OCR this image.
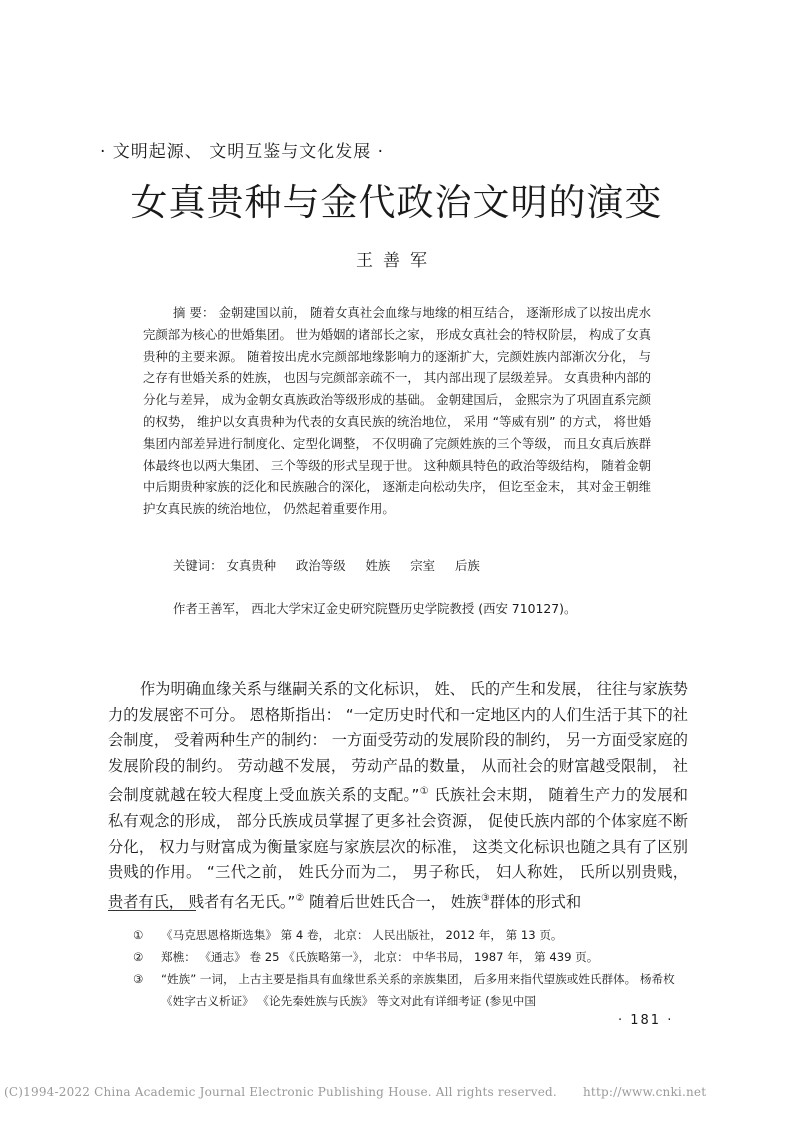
· 文明起源、 文明互鉴与文化发展 ·
女真贵种与金代政治文明的演变
王善军

摘 要： 金朝建国以前， 随着女真社会血缘与地缘的相互结合， 逐渐形成了以按出虎水完颜部为核心的世婚集团。 世为婚姻的诸部长之家， 形成女真社会的特权阶层， 构成了女真贵种的主要来源。 随着按出虎水完颜部地缘影响力的逐渐扩大，完颜姓族内部渐次分化， 与之存有世婚关系的姓族， 也因与完颜部亲疏不一， 其内部出现了层级差异。 女真贵种内部的分化与差异， 成为金朝女真族政治等级形成的基础。 金朝建国后， 金熙宗为了巩固直系完颜的权势， 维护以女真贵种为代表的女真民族的统治地位， 采用 “等威有别” 的方式， 将世婚集团内部差异进行制度化、定型化调整， 不仅明确了完颜姓族的三个等级， 而且女真后族群体最终也以两大集团、 三个等级的形式呈现于世。 这种颇具特色的政治等级结构， 随着金朝中后期贵种家族的泛化和民族融合的深化， 逐渐走向松动失序， 但讫至金末， 其对金王朝维护女真民族的统治地位， 仍然起着重要作用。

关键词： 女真贵种 政治等级 姓族 宗室 后族
作者王善军， 西北大学宋辽金史研究院暨历史学院教授 (西安 710127)。

作为明确血缘关系与继嗣关系的文化标识， 姓、 氏的产生和发展， 往往与家族势力的发展密不可分。 恩格斯指出： “一定历史时代和一定地区内的人们生活于其下的社会制度， 受着两种生产的制约： 一方面受劳动的发展阶段的制约， 另一方面受家庭的发展阶段的制约。 劳动越不发展， 劳动产品的数量， 从而社会的财富越受限制， 社会制度就越在较大程度上受血族关系的支配。”① 氏族社会末期， 随着生产力的发展和私有观念的形成， 部分氏族成员掌握了更多社会资源， 促使氏族内部的个体家庭不断分化， 权力与财富成为衡量家庭与家族层次的标准， 这类文化标识也随之具有了区别贵贱的作用。 “三代之前， 姓氏分而为二， 男子称氏， 妇人称姓， 氏所以别贵贱， 贵者有氏， 贱者有名无氏。”② 随着后世姓氏合一， 姓族③群体的形式和

①	《马克思恩格斯选集》 第 4 卷， 北京： 人民出版社， 2012 年， 第 13 页。
②	郑樵： 《通志》 卷 25 《氏族略第一》， 北京： 中华书局， 1987 年， 第 439 页。
③	“姓族” 一词， 上古主要是指具有血缘世系关系的亲族集团， 后多用来指代望族或姓氏群体。 杨希枚 《姓字古义析证》 《论先秦姓族与氏族》 等文对此有详细考证 (参见中国
· 181 ·
(C)1994-2022 China Academic Journal Electronic Publishing House. All rights reserved. http://www.cnki.net
